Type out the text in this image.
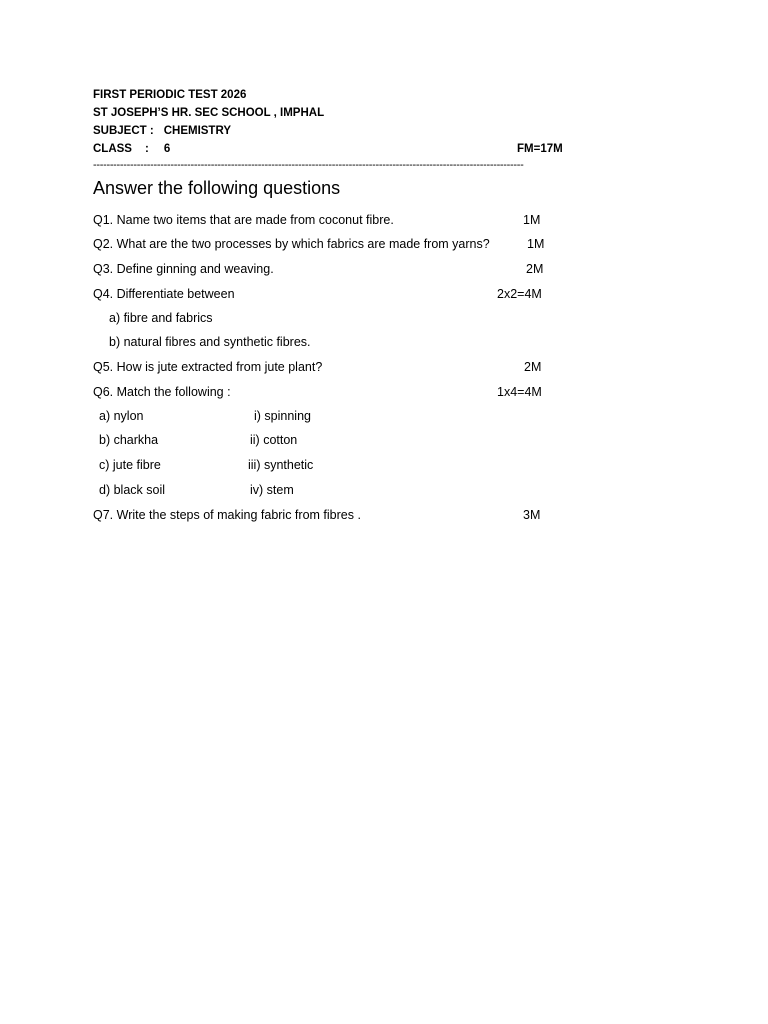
FIRST PERIODIC TEST 2026
ST JOSEPH’S HR. SEC SCHOOL , IMPHAL
SUBJECT : CHEMISTRY
CLASS : 6	FM=17M
--------------------------------------------------------------------------------------------------------------------------------
Answer the following questions
Q1. Name two items that are made from coconut fibre.	1M
Q2. What are the two processes by which fabrics are made from yarns?	1M
Q3. Define ginning and weaving.	2M
Q4. Differentiate between	2x2=4M
a) fibre and fabrics
b) natural fibres and synthetic fibres.
Q5. How is jute extracted from jute plant?	2M
Q6. Match the following :	1x4=4M
a) nylon	i) spinning
b) charkha	ii) cotton
c) jute fibre	iii) synthetic
d) black soil	iv) stem
Q7. Write the steps of making fabric from fibres .	3M
